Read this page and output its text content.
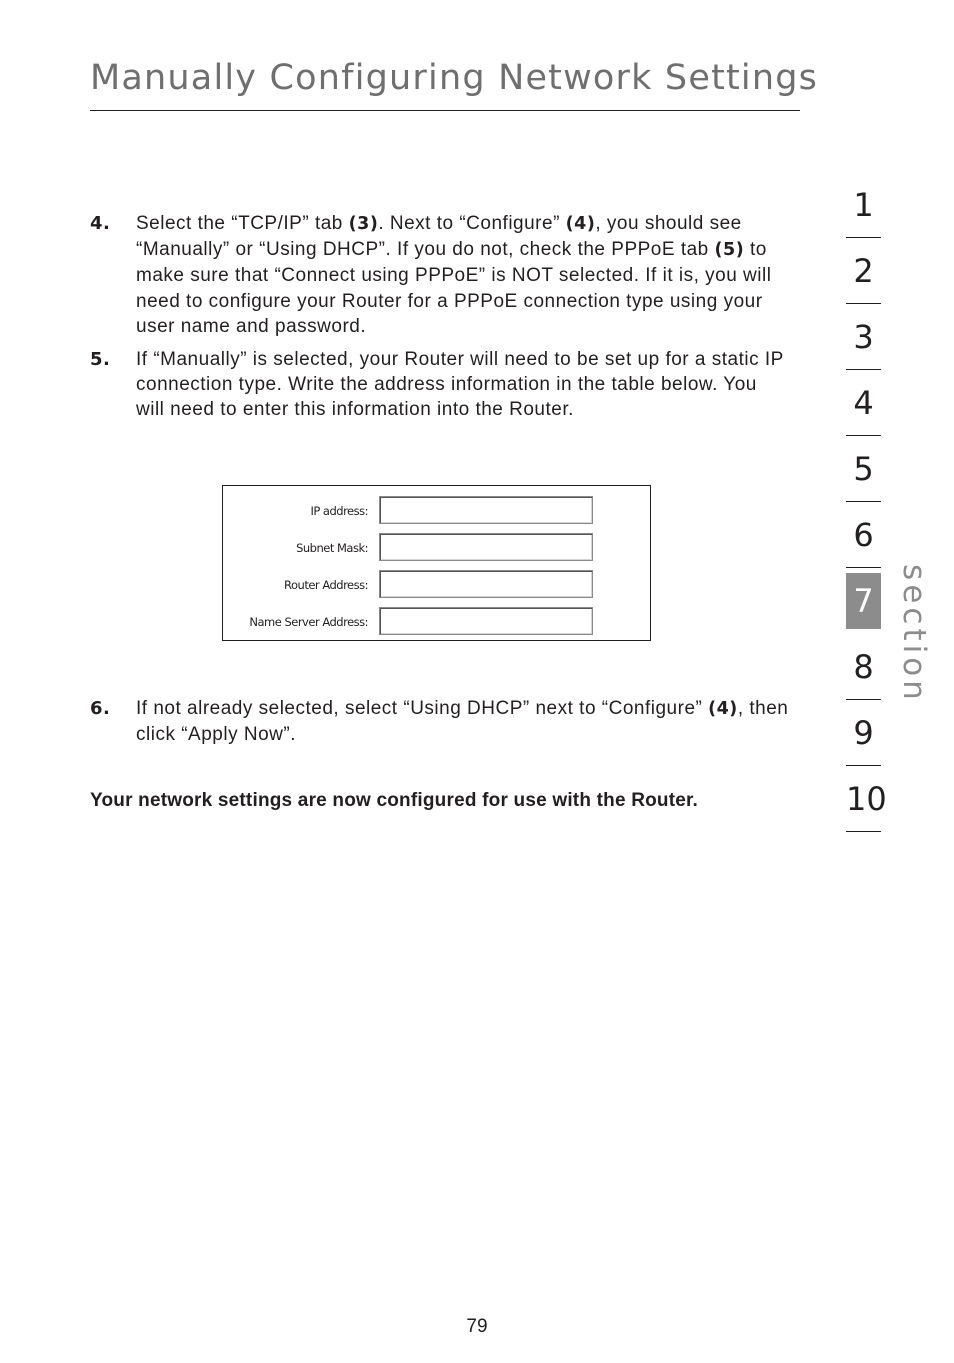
Manually Configuring Network Settings
4. Select the “TCP/IP” tab (3). Next to “Configure” (4), you should see “Manually” or “Using DHCP”. If you do not, check the PPPoE tab (5) to make sure that “Connect using PPPoE” is NOT selected. If it is, you will need to configure your Router for a PPPoE connection type using your user name and password.
5. If “Manually” is selected, your Router will need to be set up for a static IP connection type. Write the address information in the table below. You will need to enter this information into the Router.
IP address:
Subnet Mask:
Router Address:
Name Server Address:
6. If not already selected, select “Using DHCP” next to “Configure” (4), then click “Apply Now”.

Your network settings are now configured for use with the Router.

1
2
3
4
5
6
7
8
9
10
section
79
